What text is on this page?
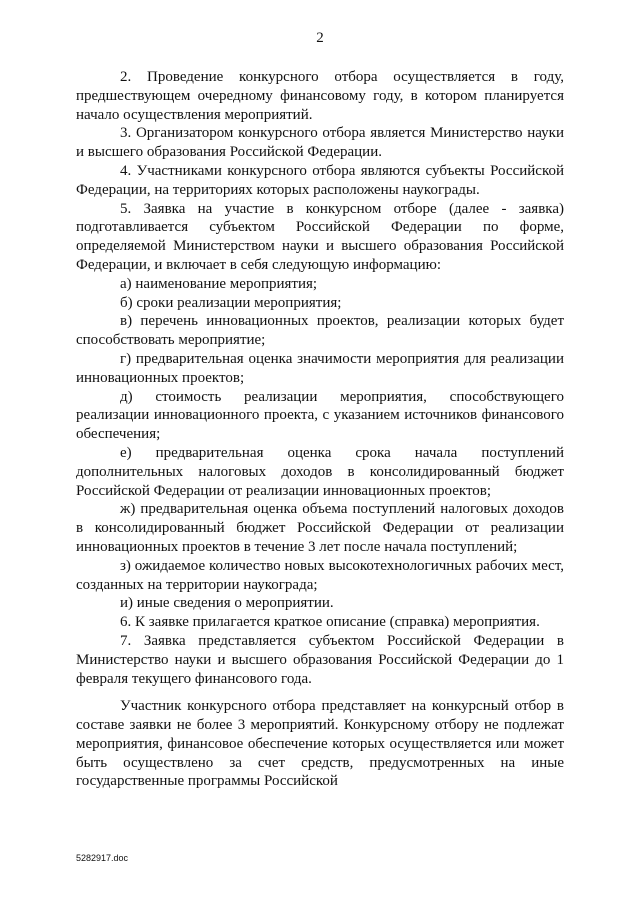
2

2. Проведение конкурсного отбора осуществляется в году, предшествующем очередному финансовому году, в котором планируется начало осуществления мероприятий.

3. Организатором конкурсного отбора является Министерство науки и высшего образования Российской Федерации.

4. Участниками конкурсного отбора являются субъекты Российской Федерации, на территориях которых расположены наукограды.

5. Заявка на участие в конкурсном отборе (далее - заявка) подготавливается субъектом Российской Федерации по форме, определяемой Министерством науки и высшего образования Российской Федерации, и включает в себя следующую информацию:

а) наименование мероприятия;

б) сроки реализации мероприятия;

в) перечень инновационных проектов, реализации которых будет способствовать мероприятие;

г) предварительная оценка значимости мероприятия для реализации инновационных проектов;

д) стоимость реализации мероприятия, способствующего реализации инновационного проекта, с указанием источников финансового обеспечения;

е) предварительная оценка срока начала поступлений дополнительных налоговых доходов в консолидированный бюджет Российской Федерации от реализации инновационных проектов;

ж) предварительная оценка объема поступлений налоговых доходов в консолидированный бюджет Российской Федерации от реализации инновационных проектов в течение 3 лет после начала поступлений;

з) ожидаемое количество новых высокотехнологичных рабочих мест, созданных на территории наукограда;

и) иные сведения о мероприятии.

6. К заявке прилагается краткое описание (справка) мероприятия.

7. Заявка представляется субъектом Российской Федерации в Министерство науки и высшего образования Российской Федерации до 1 февраля текущего финансового года.

Участник конкурсного отбора представляет на конкурсный отбор в составе заявки не более 3 мероприятий. Конкурсному отбору не подлежат мероприятия, финансовое обеспечение которых осуществляется или может быть осуществлено за счет средств, предусмотренных на иные государственные программы Российской

5282917.doc
